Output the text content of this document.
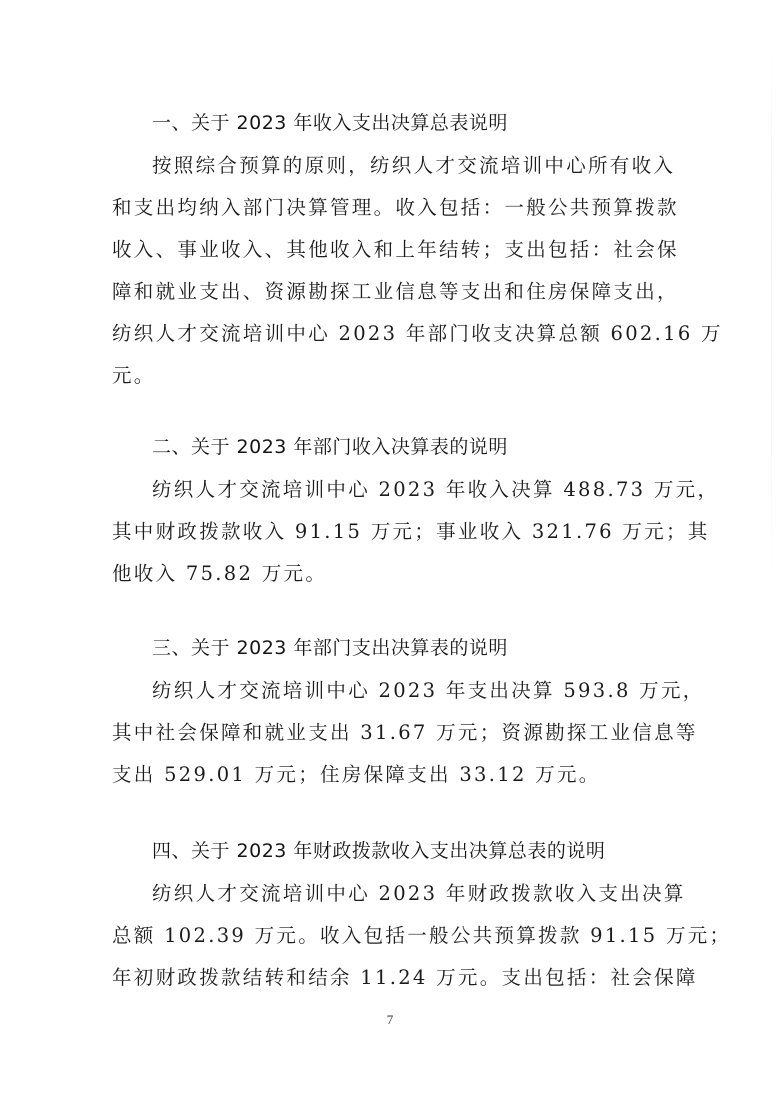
一、关于 2023 年收入支出决算总表说明
按照综合预算的原则，纺织人才交流培训中心所有收入
和支出均纳入部门决算管理。收入包括：一般公共预算拨款
收入、事业收入、其他收入和上年结转；支出包括：社会保
障和就业支出、资源勘探工业信息等支出和住房保障支出，
纺织人才交流培训中心 2023 年部门收支决算总额 602.16 万
元。
二、关于 2023 年部门收入决算表的说明
纺织人才交流培训中心 2023 年收入决算 488.73 万元，
其中财政拨款收入 91.15 万元；事业收入 321.76 万元；其
他收入 75.82 万元。
三、关于 2023 年部门支出决算表的说明
纺织人才交流培训中心 2023 年支出决算 593.8 万元，
其中社会保障和就业支出 31.67 万元；资源勘探工业信息等
支出 529.01 万元；住房保障支出 33.12 万元。
四、关于 2023 年财政拨款收入支出决算总表的说明
纺织人才交流培训中心 2023 年财政拨款收入支出决算
总额 102.39 万元。收入包括一般公共预算拨款 91.15 万元；
年初财政拨款结转和结余 11.24 万元。支出包括：社会保障
7
